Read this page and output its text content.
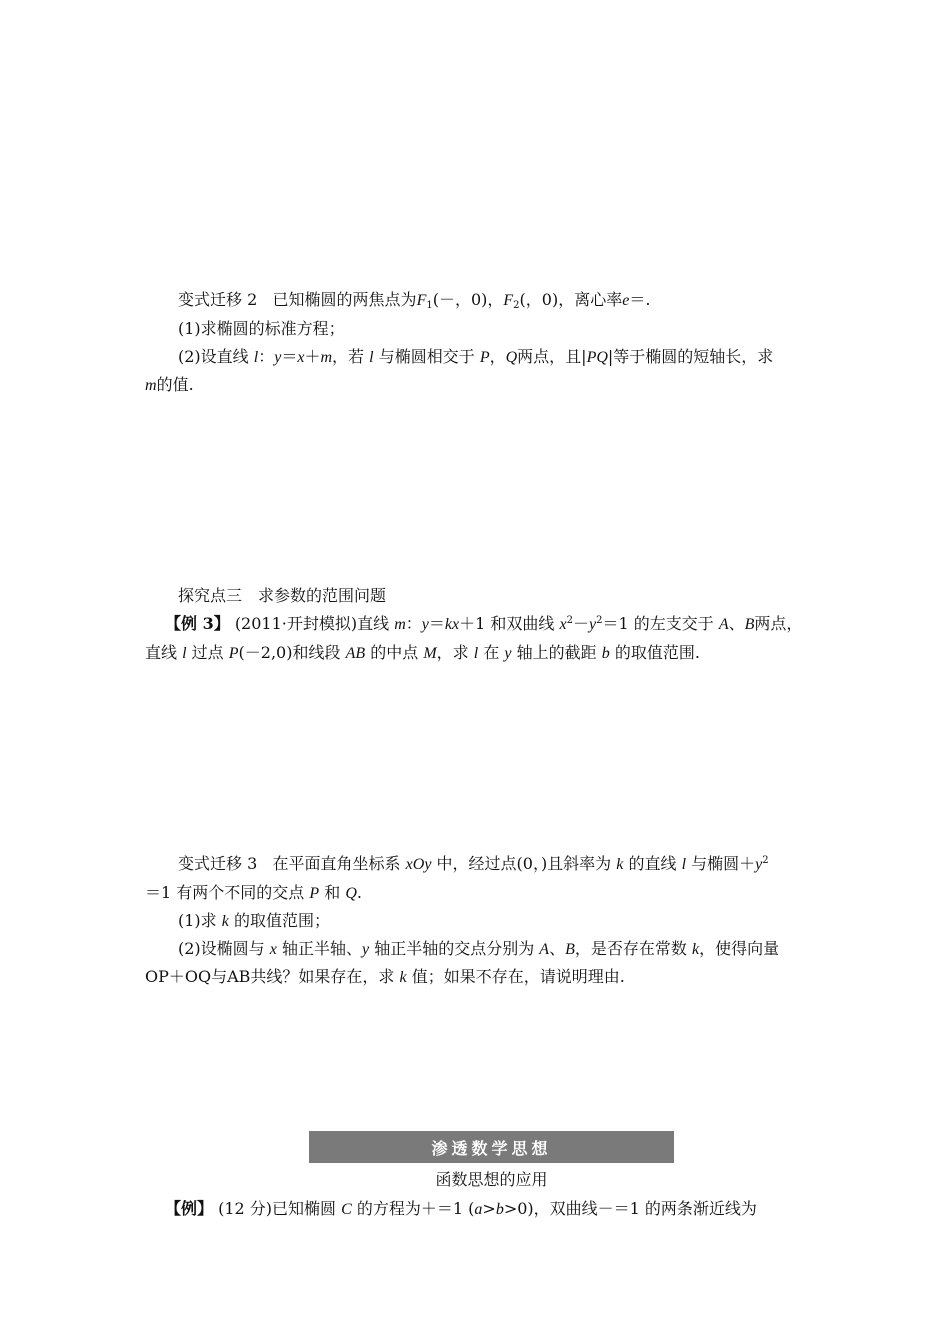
变式迁移 2 已知椭圆的两焦点为$F_1(-$，0)，$F_2$(，0)，离心率e＝.
(1)求椭圆的标准方程；
(2)设直线 l：y＝x＋m，若 l 与椭圆相交于 P，Q两点，且|PQ|等于椭圆的短轴长，求
m的值.
探究点三　求参数的范围问题
【例 3】 (2011·开封模拟)直线 m：y＝kx＋1 和双曲线 $x^2-y^2=1$ 的左支交于 A、B两点，
直线 l 过点 P(－2,0)和线段 AB 的中点 M，求 l 在 y 轴上的截距 b 的取值范围.
变式迁移 3 在平面直角坐标系 xOy 中，经过点(0，)且斜率为 k 的直线 l 与椭圆$+y^2$
＝1 有两个不同的交点 P 和 Q.
(1)求 k 的取值范围；
(2)设椭圆与 x 轴正半轴、y 轴正半轴的交点分别为 A、B，是否存在常数 k，使得向量
OP＋OQ与AB共线？如果存在，求 k 值；如果不存在，请说明理由.
渗透数学思想
函数思想的应用
【例】 (12 分)已知椭圆 C 的方程为＋＝1 (a>b>0)，双曲线－＝1 的两条渐近线为
